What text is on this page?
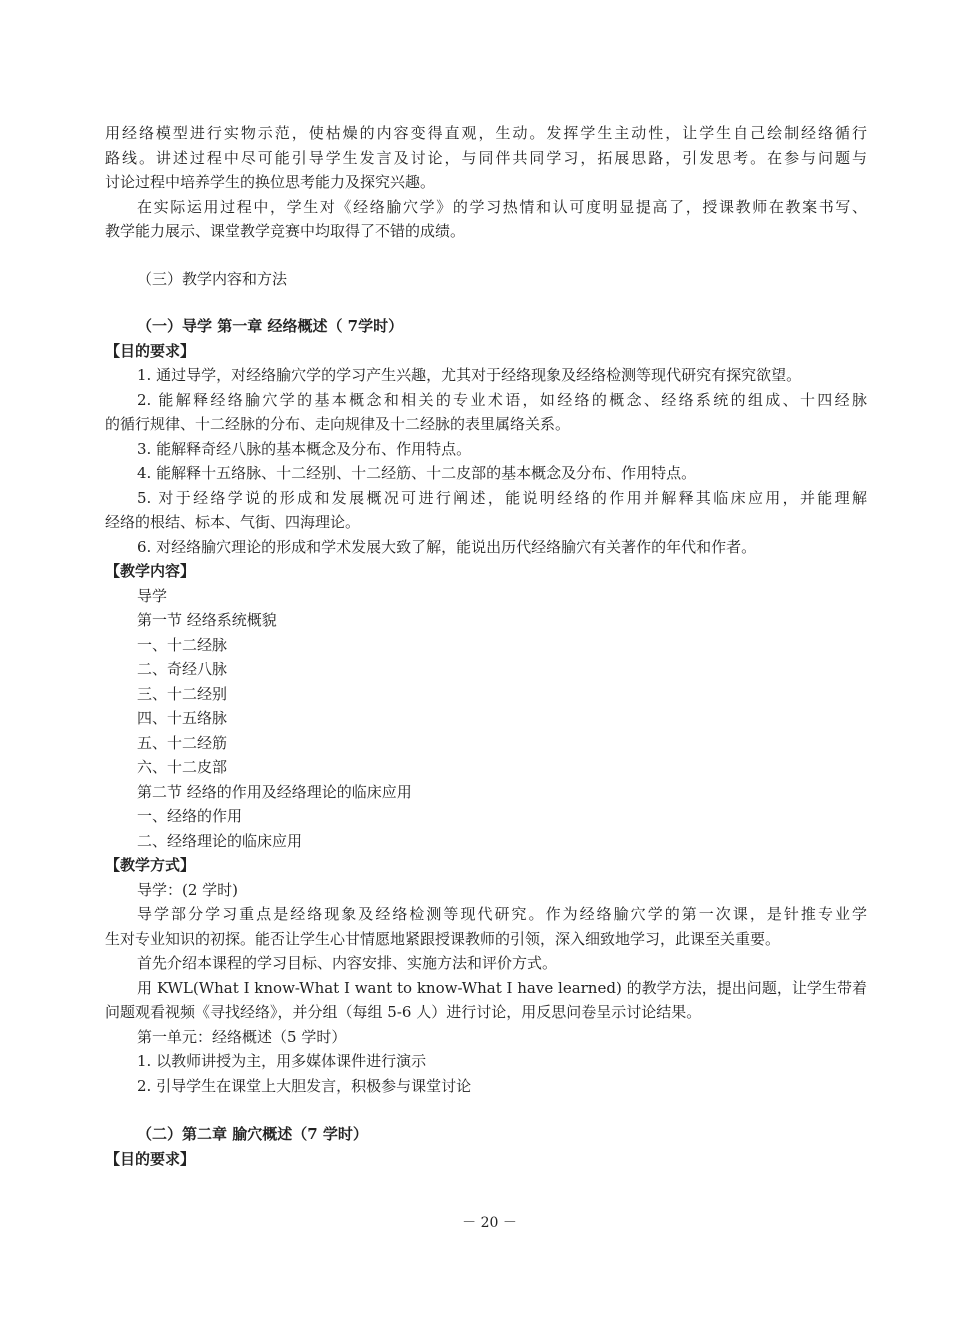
用经络模型进行实物示范，使枯燥的内容变得直观，生动。发挥学生主动性，让学生自己绘制经络循行
路线。讲述过程中尽可能引导学生发言及讨论，与同伴共同学习，拓展思路，引发思考。在参与问题与
讨论过程中培养学生的换位思考能力及探究兴趣。
在实际运用过程中，学生对《经络腧穴学》的学习热情和认可度明显提高了，授课教师在教案书写、
教学能力展示、课堂教学竞赛中均取得了不错的成绩。
（三）教学内容和方法
（一）导学 第一章 经络概述（ 7学时）
【目的要求】
1. 通过导学，对经络腧穴学的学习产生兴趣，尤其对于经络现象及经络检测等现代研究有探究欲望。
2. 能解释经络腧穴学的基本概念和相关的专业术语，如经络的概念、经络系统的组成、十四经脉
的循行规律、十二经脉的分布、走向规律及十二经脉的表里属络关系。
3. 能解释奇经八脉的基本概念及分布、作用特点。
4. 能解释十五络脉、十二经别、十二经筋、十二皮部的基本概念及分布、作用特点。
5. 对于经络学说的形成和发展概况可进行阐述，能说明经络的作用并解释其临床应用，并能理解
经络的根结、标本、气街、四海理论。
6. 对经络腧穴理论的形成和学术发展大致了解，能说出历代经络腧穴有关著作的年代和作者。
【教学内容】
导学
第一节 经络系统概貌
一、十二经脉
二、奇经八脉
三、十二经别
四、十五络脉
五、十二经筋
六、十二皮部
第二节 经络的作用及经络理论的临床应用
一、经络的作用
二、经络理论的临床应用
【教学方式】
导学：(2 学时)
导学部分学习重点是经络现象及经络检测等现代研究。作为经络腧穴学的第一次课，是针推专业学
生对专业知识的初探。能否让学生心甘情愿地紧跟授课教师的引领，深入细致地学习，此课至关重要。
首先介绍本课程的学习目标、内容安排、实施方法和评价方式。
用 KWL(What I know-What I want to know-What I have learned) 的教学方法，提出问题，让学生带着
问题观看视频《寻找经络》，并分组（每组 5-6 人）进行讨论，用反思问卷呈示讨论结果。
第一单元：经络概述（5 学时）
1. 以教师讲授为主，用多媒体课件进行演示
2. 引导学生在课堂上大胆发言，积极参与课堂讨论
（二）第二章 腧穴概述（7 学时）
【目的要求】
－ 20 －
